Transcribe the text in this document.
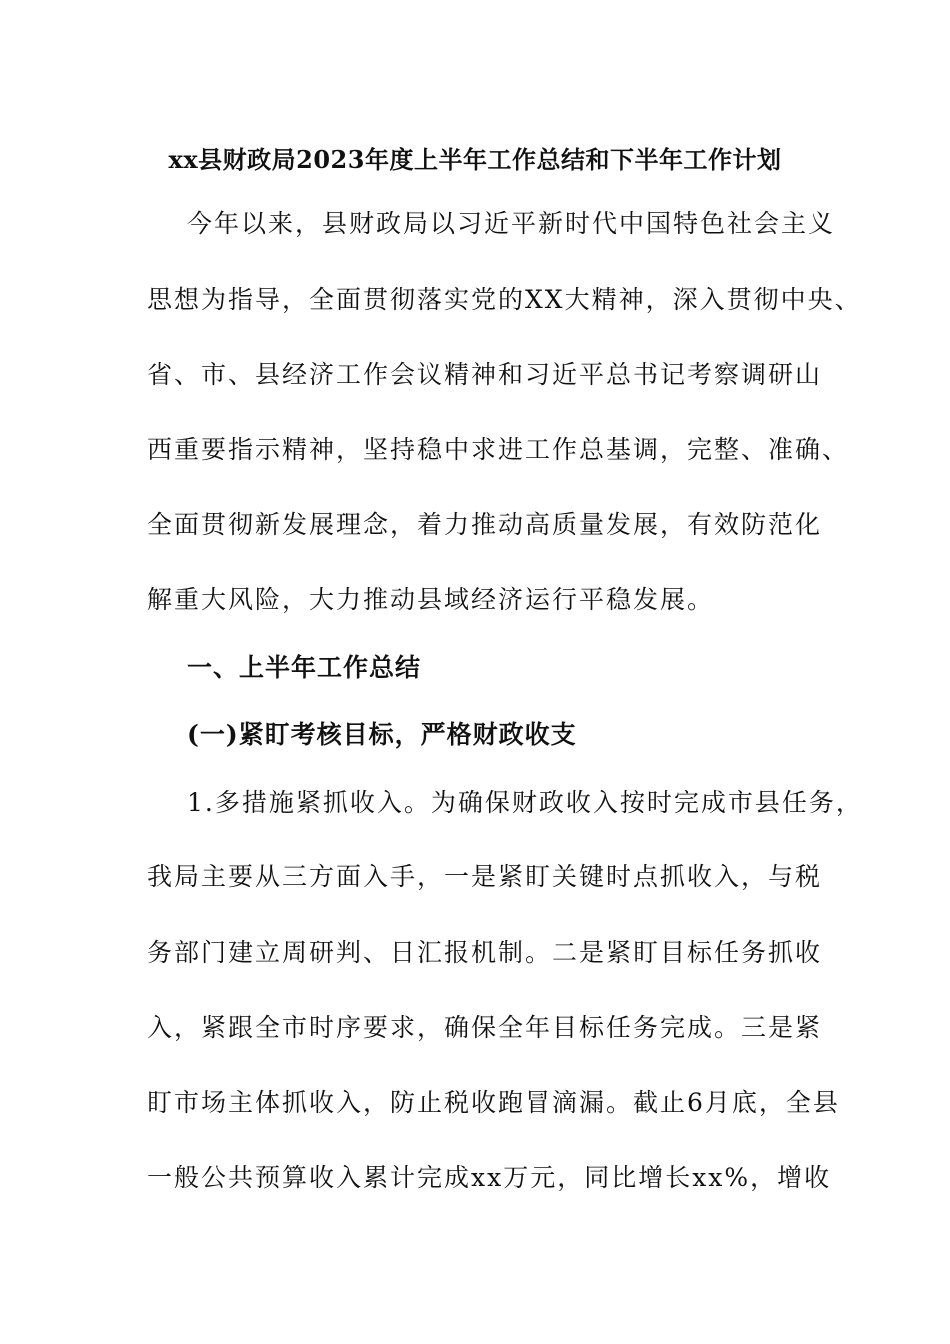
xx县财政局2023年度上半年工作总结和下半年工作计划
今年以来，县财政局以习近平新时代中国特色社会主义
思想为指导，全面贯彻落实党的XX大精神，深入贯彻中央、
省、市、县经济工作会议精神和习近平总书记考察调研山
西重要指示精神，坚持稳中求进工作总基调，完整、准确、
全面贯彻新发展理念，着力推动高质量发展，有效防范化
解重大风险，大力推动县域经济运行平稳发展。
一、上半年工作总结
(一)紧盯考核目标，严格财政收支
1.多措施紧抓收入。为确保财政收入按时完成市县任务，
我局主要从三方面入手，一是紧盯关键时点抓收入，与税
务部门建立周研判、日汇报机制。二是紧盯目标任务抓收
入，紧跟全市时序要求，确保全年目标任务完成。三是紧
盯市场主体抓收入，防止税收跑冒滴漏。截止6月底，全县
一般公共预算收入累计完成xx万元，同比增长xx%，增收
